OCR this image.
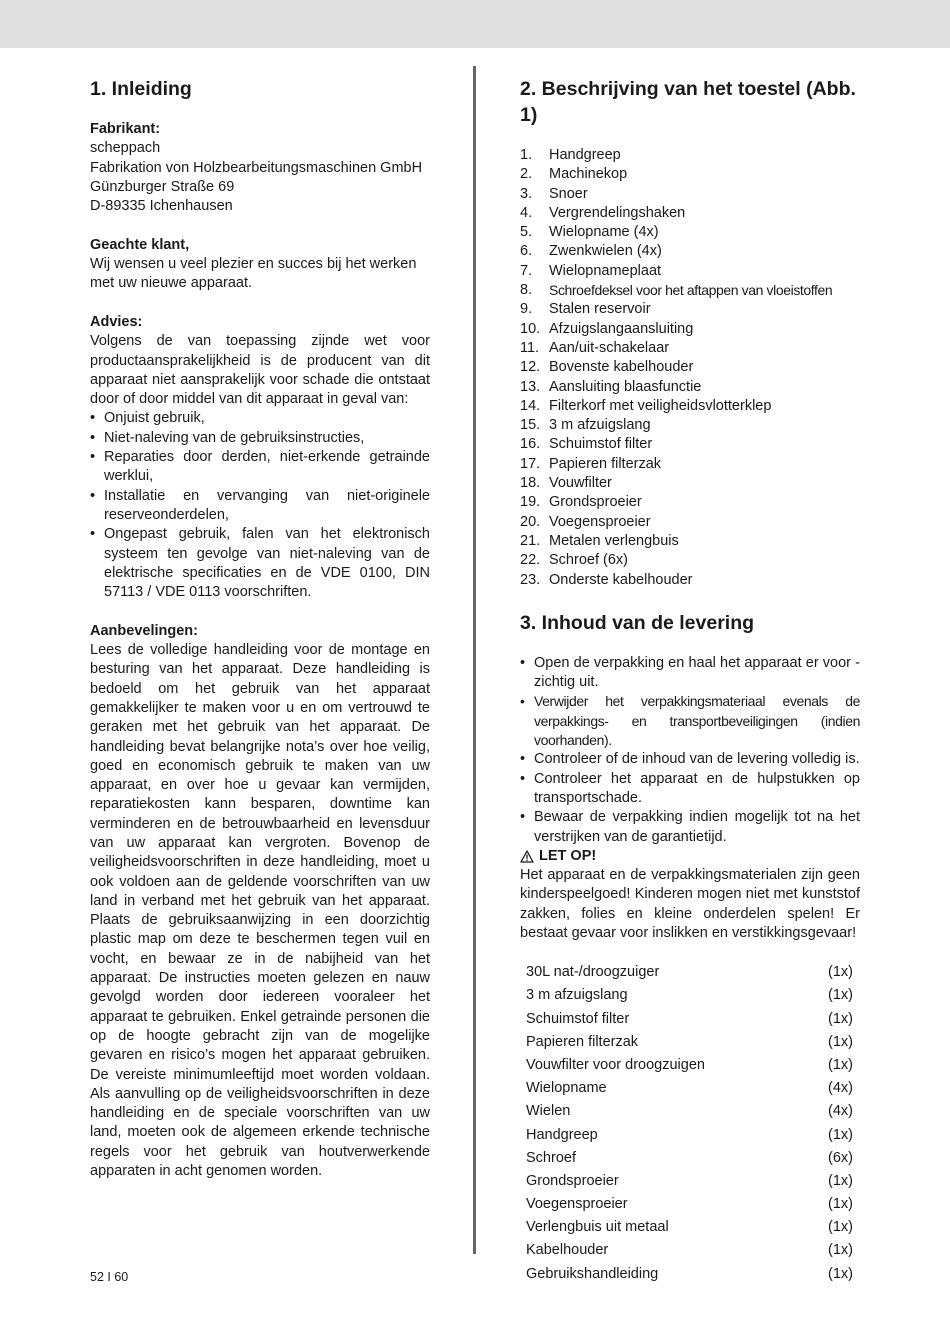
1. Inleiding
Fabrikant:
scheppach
Fabrikation von Holzbearbeitungsmaschinen GmbH
Günzburger Straße 69
D-89335 Ichenhausen
Geachte klant,

Wij wensen u veel plezier en succes bij het werken met uw nieuwe apparaat.

Advies:

Volgens de van toepassing zijnde wet voor productaansprakelijkheid is de producent van dit apparaat niet aansprakelijk voor schade die ontstaat door of door middel van dit apparaat in geval van:

• Onjuist gebruik,
• Niet-naleving van de gebruiksinstructies,
• Reparaties door derden, niet-erkende getrainde werklui,
• Installatie en vervanging van niet-originele reserveonderdelen,
• Ongepast gebruik, falen van het elektronisch systeem ten gevolge van niet-naleving van de elektrische specificaties en de VDE 0100, DIN 57113 / VDE 0113 voorschriften.
Aanbevelingen:

Lees de volledige handleiding voor de montage en besturing van het apparaat. Deze handleiding is bedoeld om het gebruik van het apparaat gemakkelijker te maken voor u en om vertrouwd te geraken met het gebruik van het apparaat. De handleiding bevat belangrijke nota’s over hoe veilig, goed en economisch gebruik te maken van uw apparaat, en over hoe u gevaar kan vermijden, reparatiekosten kann besparen, downtime kan verminderen en de betrouwbaarheid en levensduur van uw apparaat kan vergroten. Bovenop de veiligheidsvoorschriften in deze handleiding, moet u ook voldoen aan de geldende voorschriften van uw land in verband met het gebruik van het apparaat. Plaats de gebruiksaanwijzing in een doorzichtig plastic map om deze te beschermen tegen vuil en vocht, en bewaar ze in de nabijheid van het apparaat. De instructies moeten gelezen en nauw gevolgd worden door iedereen vooraleer het apparaat te gebruiken. Enkel getrainde personen die op de hoogte gebracht zijn van de mogelijke gevaren en risico’s mogen het apparaat gebruiken. De vereiste minimumleeftijd moet worden voldaan. Als aanvulling op de veiligheidsvoorschriften in deze handleiding en de speciale voorschriften van uw land, moeten ook de algemeen erkende technische regels voor het gebruik van houtverwerkende apparaten in acht genomen worden.

2. Beschrijving van het toestel (Abb. 1)
1.	Handgreep
2.	Machinekop
3.	Snoer
4.	Vergrendelingshaken
5.	Wielopname (4x)
6.	Zwenkwielen (4x)
7.	Wielopnameplaat
8.	Schroefdeksel voor het aftappen van vloeistoffen
9.	Stalen reservoir
10. Afzuigslangaansluiting
11. Aan/uit-schakelaar
12. Bovenste kabelhouder
13. Aansluiting blaasfunctie
14. Filterkorf met veiligheidsvlotterklep
15. 3 m afzuigslang
16. Schuimstof filter
17. Papieren filterzak
18. Vouwfilter
19. Grondsproeier
20. Voegensproeier
21. Metalen verlengbuis
22. Schroef (6x)
23. Onderste kabelhouder
3. Inhoud van de levering
• Open de verpakking en haal het apparaat er voor - zichtig uit.
• Verwijder het verpakkingsmateriaal evenals de verpakkings- en transportbeveiligingen (indien voorhanden).
• Controleer of de inhoud van de levering volledig is.
• Controleer het apparaat en de hulpstukken op transportschade.
• Bewaar de verpakking indien mogelijk tot na het verstrijken van de garantietijd.
LET OP!

Het apparaat en de verpakkingsmaterialen zijn geen kinderspeelgoed! Kinderen mogen niet met kunststof zakken, folies en kleine onderdelen spelen! Er bestaat gevaar voor inslikken en verstikkingsgevaar!

30L nat-/droogzuiger	(1x)
3 m afzuigslang	(1x)
Schuimstof filter	(1x)
Papieren filterzak	(1x)
Vouwfilter voor droogzuigen	(1x)
Wielopname	(4x)
Wielen	(4x)
Handgreep	(1x)
Schroef	(6x)
Grondsproeier	(1x)
Voegensproeier	(1x)
Verlengbuis uit metaal	(1x)
Kabelhouder	(1x)
Gebruikshandleiding	(1x)
52 I 60
